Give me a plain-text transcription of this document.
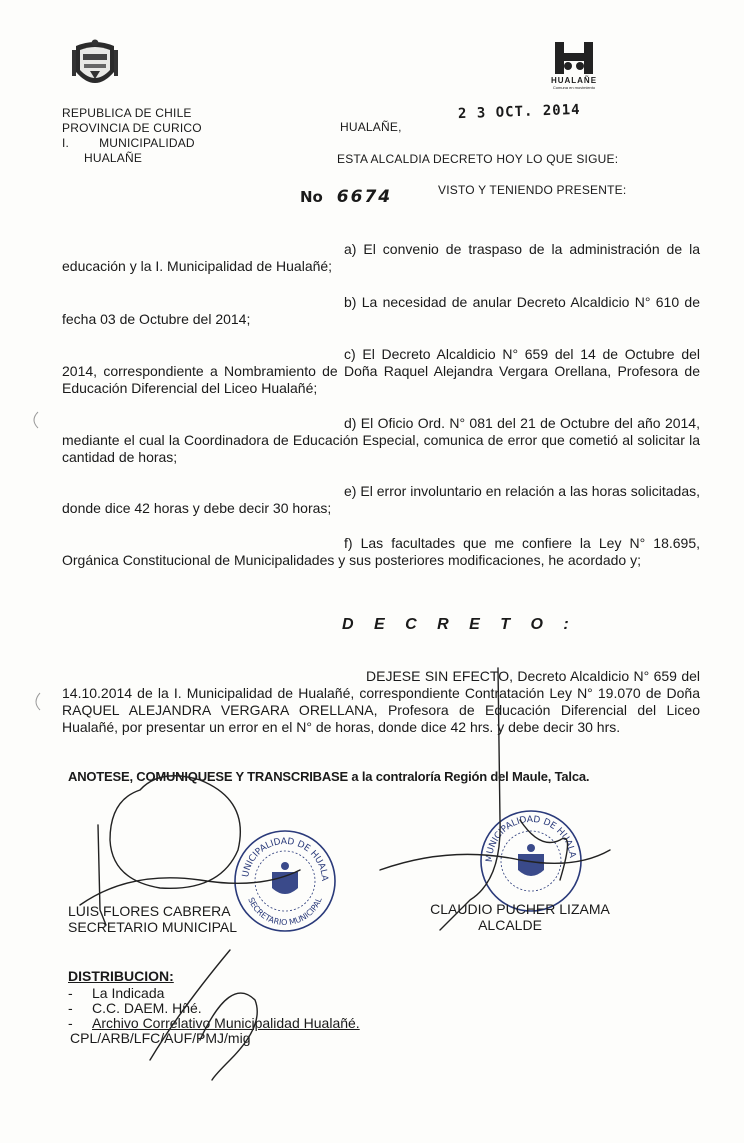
HUALAÑE
Comuna en movimiento
REPUBLICA DE CHILE
PROVINCIA DE CURICO
I.	MUNICIPALIDAD
HUALAÑE
2 3 OCT. 2014
HUALAÑE,
ESTA ALCALDIA DECRETO HOY LO QUE SIGUE:
No 6674	VISTO Y TENIENDO PRESENTE:
a) El convenio de traspaso de la administración de la educación y la I. Municipalidad de Hualañé;
b) La necesidad de anular Decreto Alcaldicio N° 610 de fecha 03 de Octubre del 2014;
c) El Decreto Alcaldicio N° 659 del 14 de Octubre del 2014, correspondiente a Nombramiento de Doña Raquel Alejandra Vergara Orellana, Profesora de Educación Diferencial del Liceo Hualañé;
d) El Oficio Ord. N° 081 del 21 de Octubre del año 2014, mediante el cual la Coordinadora de Educación Especial, comunica de error que cometió al solicitar la cantidad de horas;
e) El error involuntario en relación a las horas solicitadas, donde dice 42 horas y debe decir 30 horas;
f) Las facultades que me confiere la Ley N° 18.695, Orgánica Constitucional de Municipalidades y sus posteriores modificaciones, he acordado y;
D E C R E T O :
DEJESE SIN EFECTO, Decreto Alcaldicio N° 659 del 14.10.2014 de la I. Municipalidad de Hualañé, correspondiente Contratación Ley N° 19.070 de Doña RAQUEL ALEJANDRA VERGARA ORELLANA, Profesora de Educación Diferencial del Liceo Hualañé, por presentar un error en el N° de horas, donde dice 42 hrs. y debe decir 30 hrs.
ANOTESE, COMUNIQUESE Y TRANSCRIBASE a la contraloría Región del Maule, Talca.
UNICIPALIDAD DE HUALA
SECRETARIO MUNICIPAL
MUNICIPALIDAD DE HUALA
LUIS FLORES CABRERA
SECRETARIO MUNICIPAL
CLAUDIO PUCHER LIZAMA
ALCALDE
DISTRIBUCION:
-	La Indicada
-	C.C. DAEM. Hñé.
-	Archivo Correlativo Municipalidad Hualañé.
CPL/ARB/LFC/AUF/PMJ/mig
